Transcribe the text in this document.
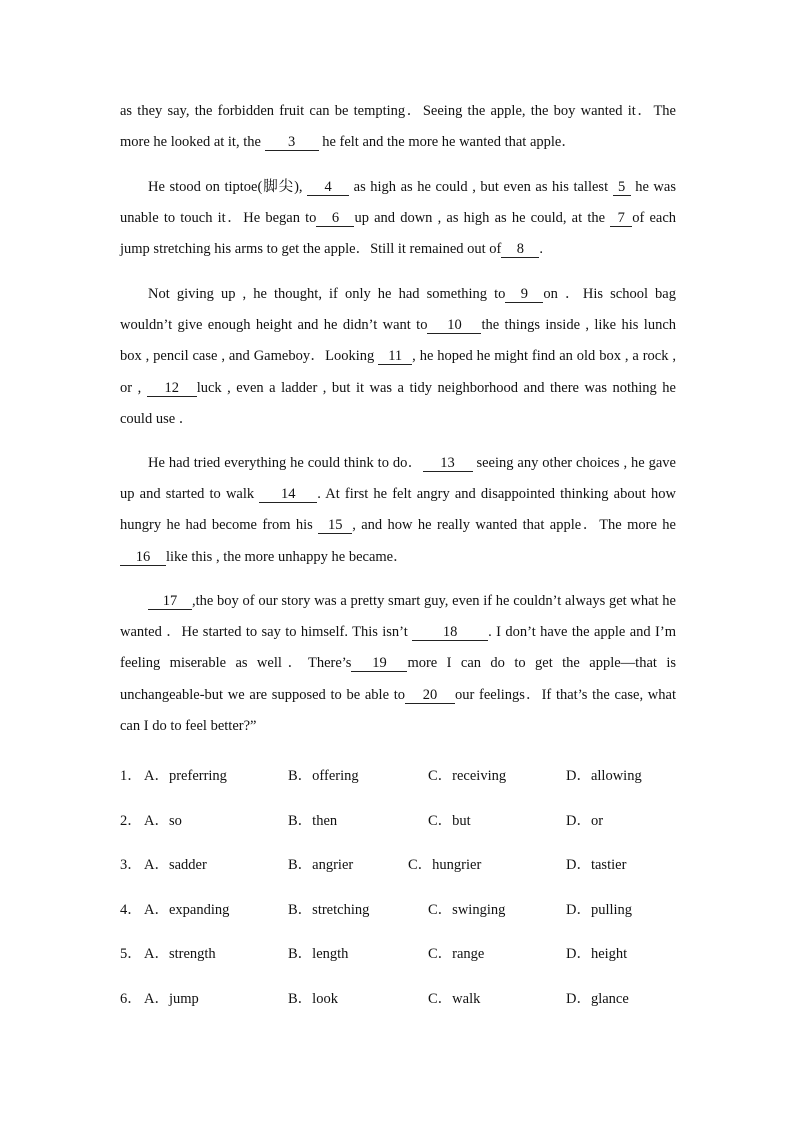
as they say, the forbidden fruit can be tempting．Seeing the apple, the boy wanted it．The more he looked at it, the 3 he felt and the more he wanted that apple．

He stood on tiptoe(脚尖), 4 as high as he could , but even as his tallest 5 he was unable to touch it．He began to 6 up and down , as high as he could, at the 7 of each jump stretching his arms to get the apple．Still it remained out of 8 .

Not giving up , he thought, if only he had something to 9 on ．His school bag wouldn’t give enough height and he didn’t want to 10 the things inside , like his lunch box , pencil case , and Gameboy．Looking 11 , he hoped he might find an old box , a rock , or , 12 luck , even a ladder , but it was a tidy neighborhood and there was nothing he could use ．

He had tried everything he could think to do． 13 seeing any other choices , he gave up and started to walk 14 . At first he felt angry and disappointed thinking about how hungry he had become from his 15 , and how he really wanted that apple．The more he16 like this , the more unhappy he became．

17 ,the boy of our story was a pretty smart guy, even if he couldn’t always get what he wanted ．He started to say to himself. This isn’t 18 . I don’t have the apple and I’m feeling miserable as well．There’s 19 more I can do to get the apple—that is unchangeable-but we are supposed to be able to 20 our feelings．If that’s the case, what can I do to feel better?”

1． A．preferring	B．offering	C．receiving	D．allowing
2． A．so	B．then	C．but	D．or
3． A．sadder	B．angrier	C．hungrier	D．tastier
4． A．expanding	B．stretching	C．swinging	D．pulling
5． A．strength	B．length	C．range	D．height
6． A．jump	B．look	C．walk	D．glance
